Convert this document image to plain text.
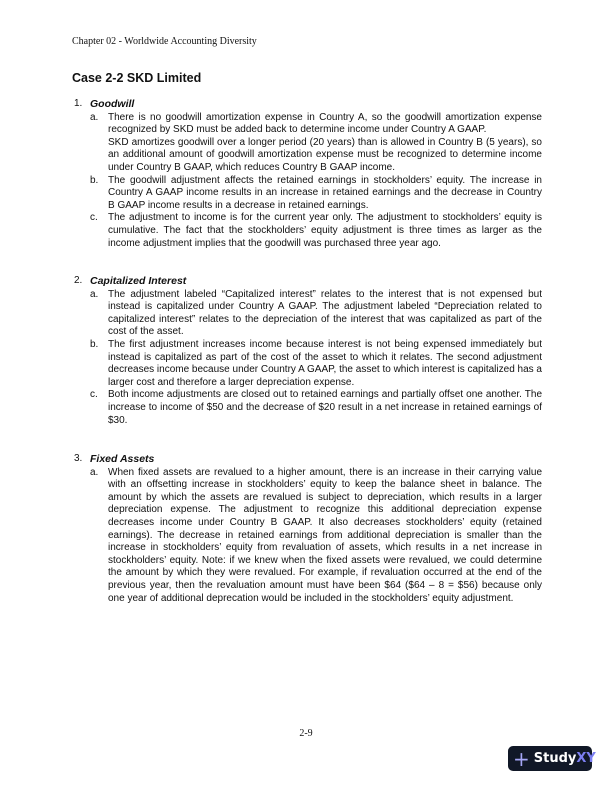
Chapter 02 - Worldwide Accounting Diversity
Case 2-2 SKD Limited
1. Goodwill
a. There is no goodwill amortization expense in Country A, so the goodwill amortization expense recognized by SKD must be added back to determine income under Country A GAAP.

SKD amortizes goodwill over a longer period (20 years) than is allowed in Country B (5 years), so an additional amount of goodwill amortization expense must be recognized to determine income under Country B GAAP, which reduces Country B GAAP income.

b. The goodwill adjustment affects the retained earnings in stockholders’ equity. The increase in Country A GAAP income results in an increase in retained earnings and the decrease in Country B GAAP income results in a decrease in retained earnings.

c. The adjustment to income is for the current year only. The adjustment to stockholders’ equity is cumulative. The fact that the stockholders’ equity adjustment is three times as larger as the income adjustment implies that the goodwill was purchased three year ago.

2. Capitalized Interest
a. The adjustment labeled “Capitalized interest” relates to the interest that is not expensed but instead is capitalized under Country A GAAP. The adjustment labeled “Depreciation related to capitalized interest” relates to the depreciation of the interest that was capitalized as part of the cost of the asset.

b. The first adjustment increases income because interest is not being expensed immediately but instead is capitalized as part of the cost of the asset to which it relates. The second adjustment decreases income because under Country A GAAP, the asset to which interest is capitalized has a larger cost and therefore a larger depreciation expense.

c. Both income adjustments are closed out to retained earnings and partially offset one another. The increase to income of $50 and the decrease of $20 result in a net increase in retained earnings of $30.

3. Fixed Assets
a. When fixed assets are revalued to a higher amount, there is an increase in their carrying value with an offsetting increase in stockholders’ equity to keep the balance sheet in balance. The amount by which the assets are revalued is subject to depreciation, which results in a larger depreciation expense. The adjustment to recognize this additional depreciation expense decreases income under Country B GAAP. It also decreases stockholders’ equity (retained earnings). The decrease in retained earnings from additional depreciation is smaller than the increase in stockholders’ equity from revaluation of assets, which results in a net increase in stockholders’ equity. Note: if we knew when the fixed assets were revalued, we could determine the amount by which they were revalued. For example, if revaluation occurred at the end of the previous year, then the revaluation amount must have been $64 ($64 – 8 = $56) because only one year of additional deprecation would be included in the stockholders’ equity adjustment.

2-9
+ Study XY
